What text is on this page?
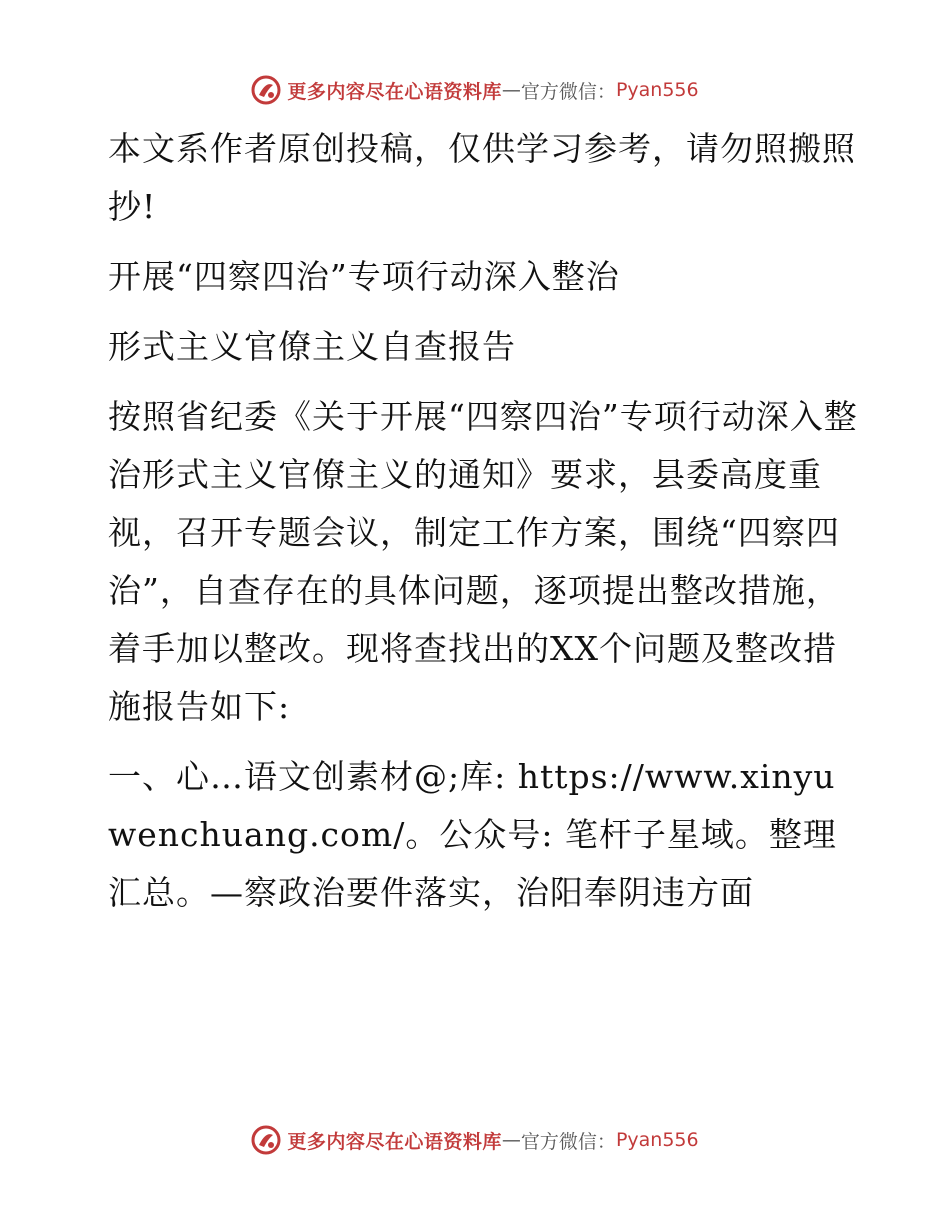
更多内容尽在心语资料库 — 官方微信： Pyan556

本文系作者原创投稿，仅供学习参考，请勿照搬照抄!

开展“四察四治”专项行动深入整治

形式主义官僚主义自查报告

按照省纪委《关于开展“四察四治”专项行动深入整治形式主义官僚主义的通知》要求，县委高度重视，召开专题会议，制定工作方案，围绕“四察四治”，自查存在的具体问题，逐项提出整改措施，着手加以整改。现将查找出的XX个问题及整改措施报告如下:

一、心…语文创素材@;库: https://www.xinyuwenchuang.com/。公众号: 笔杆子星域。整理汇总。—察政治要件落实，治阳奉阴违方面

更多内容尽在心语资料库 — 官方微信： Pyan556
